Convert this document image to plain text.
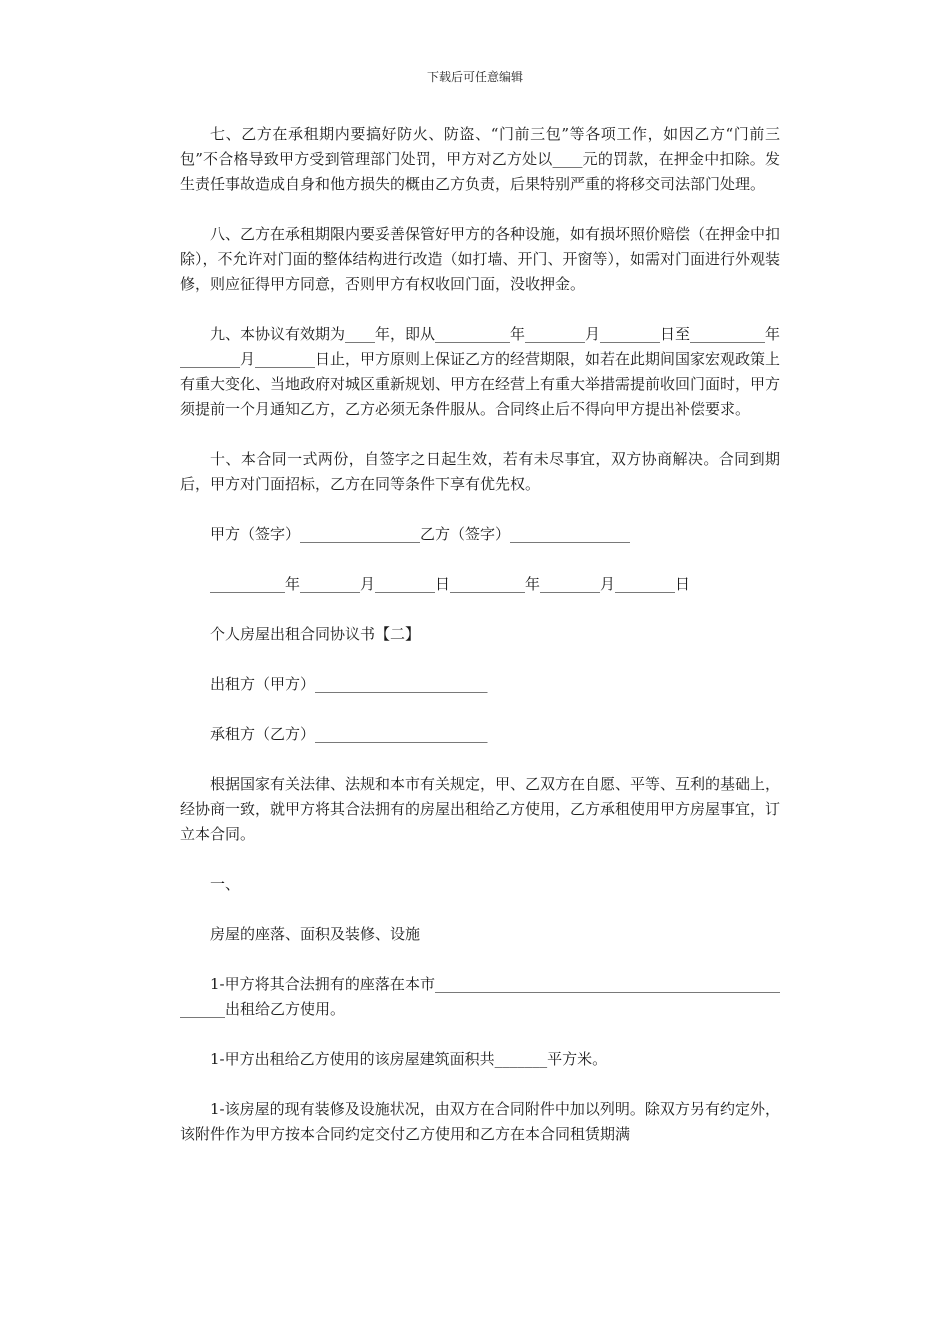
下载后可任意编辑

七、乙方在承租期内要搞好防火、防盗、“门前三包”等各项工作，如因乙方“门前三包”不合格导致甲方受到管理部门处罚，甲方对乙方处以____元的罚款，在押金中扣除。发生责任事故造成自身和他方损失的概由乙方负责，后果特别严重的将移交司法部门处理。

八、乙方在承租期限内要妥善保管好甲方的各种设施，如有损坏照价赔偿（在押金中扣除），不允许对门面的整体结构进行改造（如打墙、开门、开窗等），如需对门面进行外观装修，则应征得甲方同意，否则甲方有权收回门面，没收押金。

九、本协议有效期为____年，即从__________年________月________日至__________年________月________日止，甲方原则上保证乙方的经营期限，如若在此期间国家宏观政策上有重大变化、当地政府对城区重新规划、甲方在经营上有重大举措需提前收回门面时，甲方须提前一个月通知乙方，乙方必须无条件服从。合同终止后不得向甲方提出补偿要求。

十、本合同一式两份，自签字之日起生效，若有未尽事宜，双方协商解决。合同到期后，甲方对门面招标，乙方在同等条件下享有优先权。

甲方（签字）________________乙方（签字）________________

__________年________月________日__________年________月________日

个人房屋出租合同协议书【二】

出租方（甲方）_______________________

承租方（乙方）_______________________

根据国家有关法律、法规和本市有关规定，甲、乙双方在自愿、平等、互利的基础上，经协商一致，就甲方将其合法拥有的房屋出租给乙方使用，乙方承租使用甲方房屋事宜，订立本合同。

一、

房屋的座落、面积及装修、设施

1-甲方将其合法拥有的座落在本市____________________________________________________出租给乙方使用。

1-甲方出租给乙方使用的该房屋建筑面积共_______平方米。

1-该房屋的现有装修及设施状况，由双方在合同附件中加以列明。除双方另有约定外，该附件作为甲方按本合同约定交付乙方使用和乙方在本合同租赁期满
